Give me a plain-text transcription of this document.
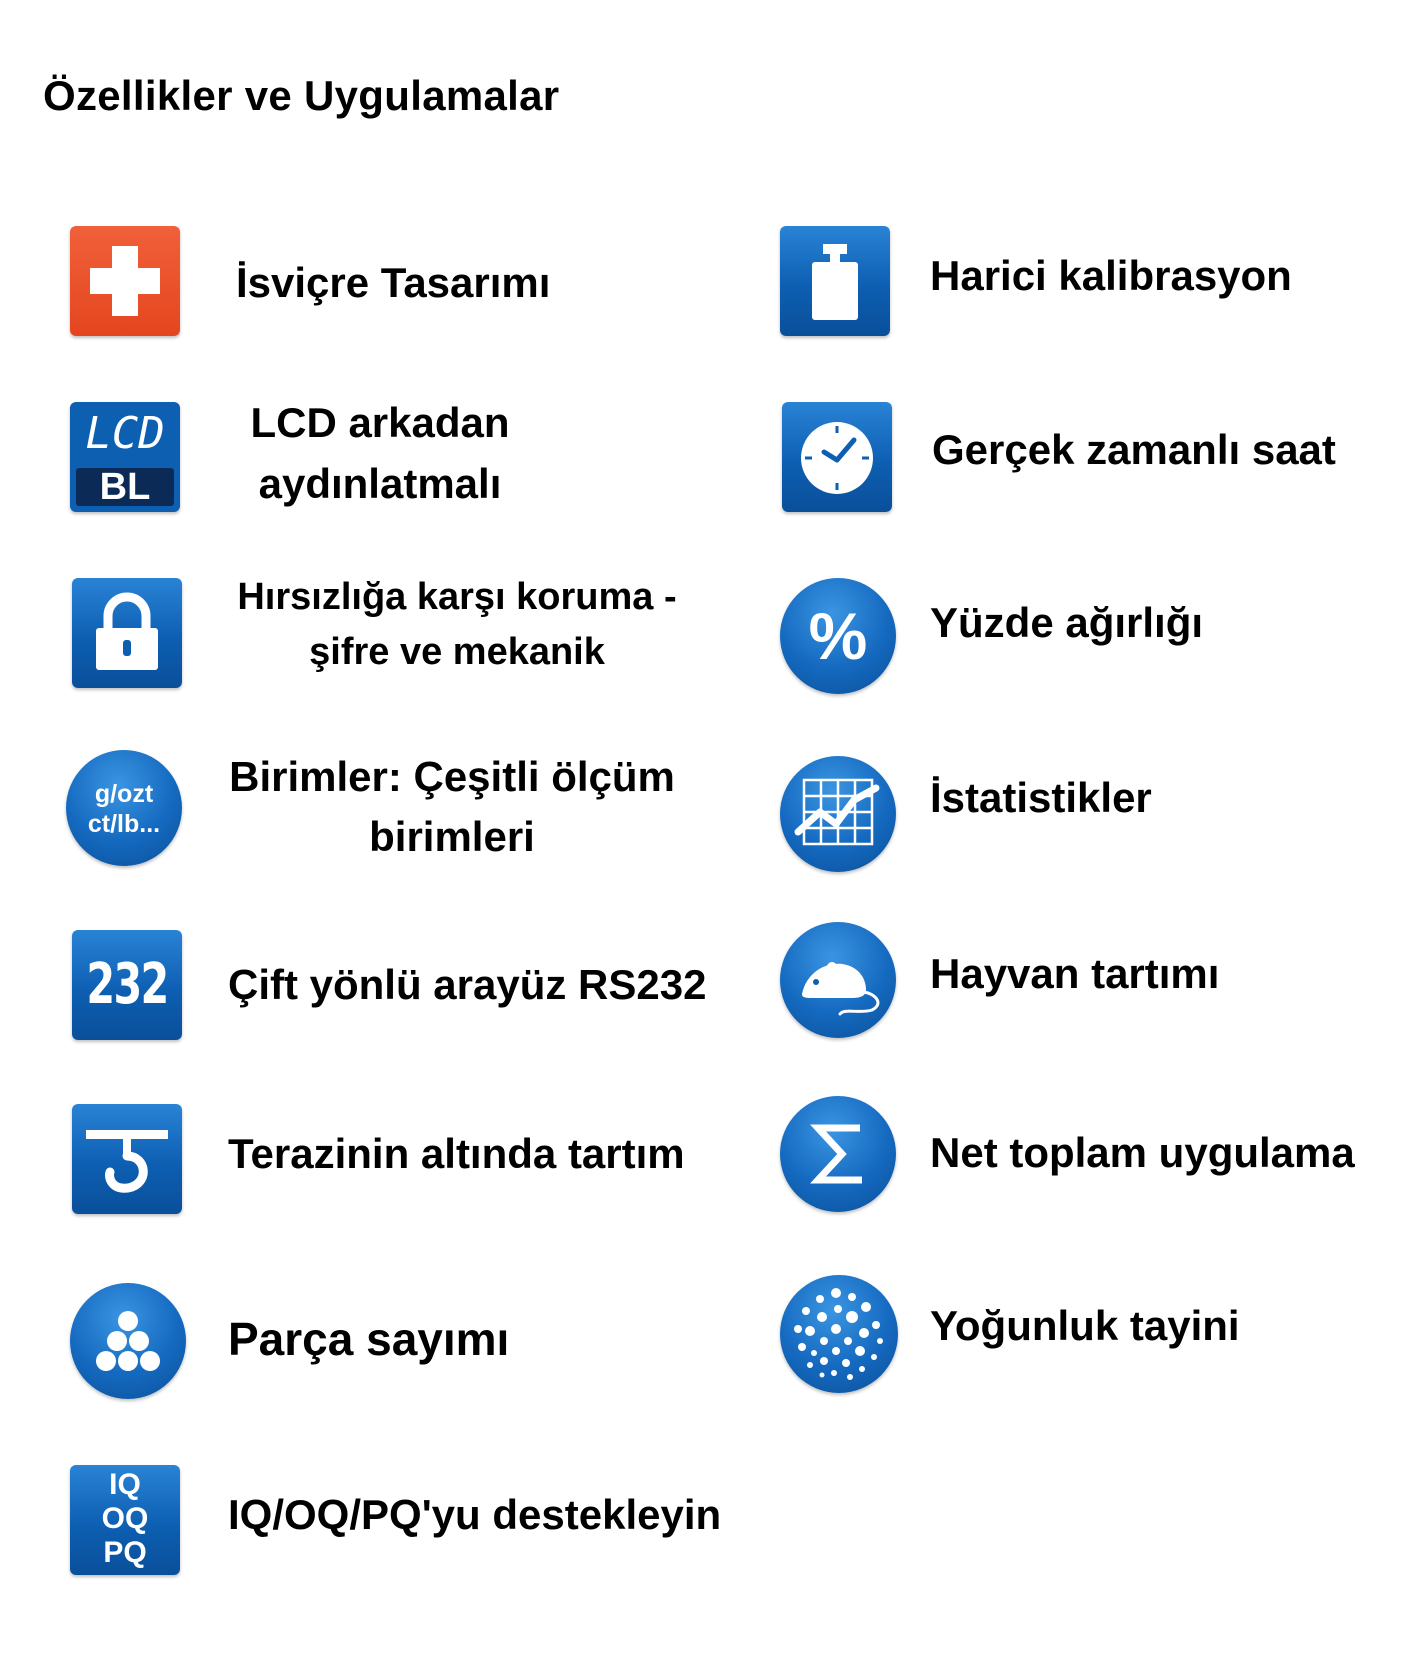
Özellikler ve Uygulamalar
İsviçre Tasarımı
LCD
BL
LCD arkadan
aydınlatmalı
Hırsızlığa karşı koruma -
şifre ve mekanik
g/ozt
ct/lb...
Birimler: Çeşitli ölçüm
birimleri
232 Çift yönlü arayüz RS232
Terazinin altında tartım
Parça sayımı
IQ
OQ
PQ
IQ/OQ/PQ'yu destekleyin
Harici kalibrasyon
Gerçek zamanlı saat
%	Yüzde ağırlığı
İstatistikler
Hayvan tartımı
Net toplam uygulama
Yoğunluk tayini
